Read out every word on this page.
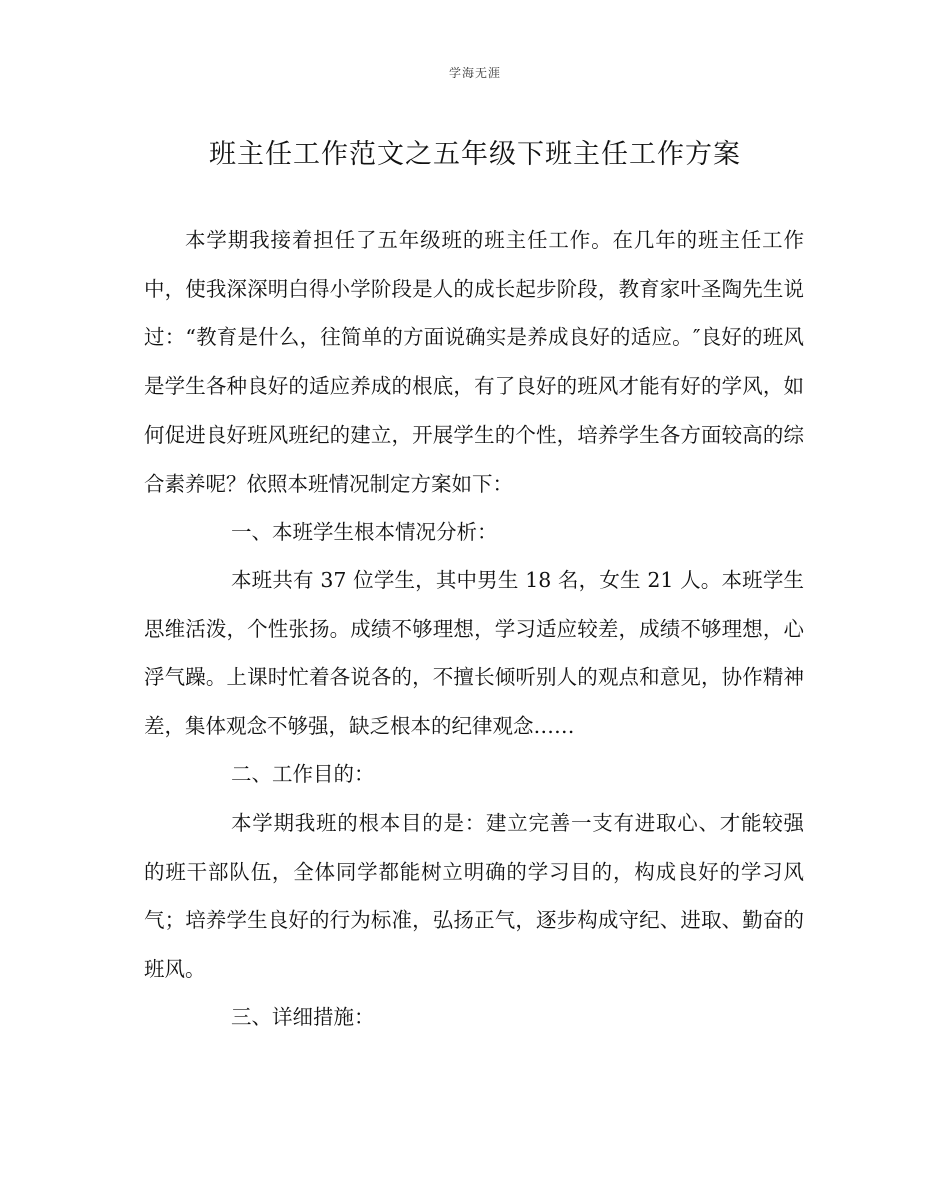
学海无涯
班主任工作范文之五年级下班主任工作方案

本学期我接着担任了五年级班的班主任工作。在几年的班主任工作中，使我深深明白得小学阶段是人的成长起步阶段，教育家叶圣陶先生说过：“教育是什么，往简单的方面说确实是养成良好的适应。″良好的班风是学生各种良好的适应养成的根底，有了良好的班风才能有好的学风，如何促进良好班风班纪的建立，开展学生的个性，培养学生各方面较高的综合素养呢？依照本班情况制定方案如下：

一、本班学生根本情况分析：

本班共有 37 位学生，其中男生 18 名，女生 21 人。本班学生思维活泼，个性张扬。成绩不够理想，学习适应较差，成绩不够理想，心浮气躁。上课时忙着各说各的，不擅长倾听别人的观点和意见，协作精神差，集体观念不够强，缺乏根本的纪律观念……

二、工作目的：

本学期我班的根本目的是：建立完善一支有进取心、才能较强的班干部队伍，全体同学都能树立明确的学习目的，构成良好的学习风气；培养学生良好的行为标准，弘扬正气，逐步构成守纪、进取、勤奋的班风。

三、详细措施：
